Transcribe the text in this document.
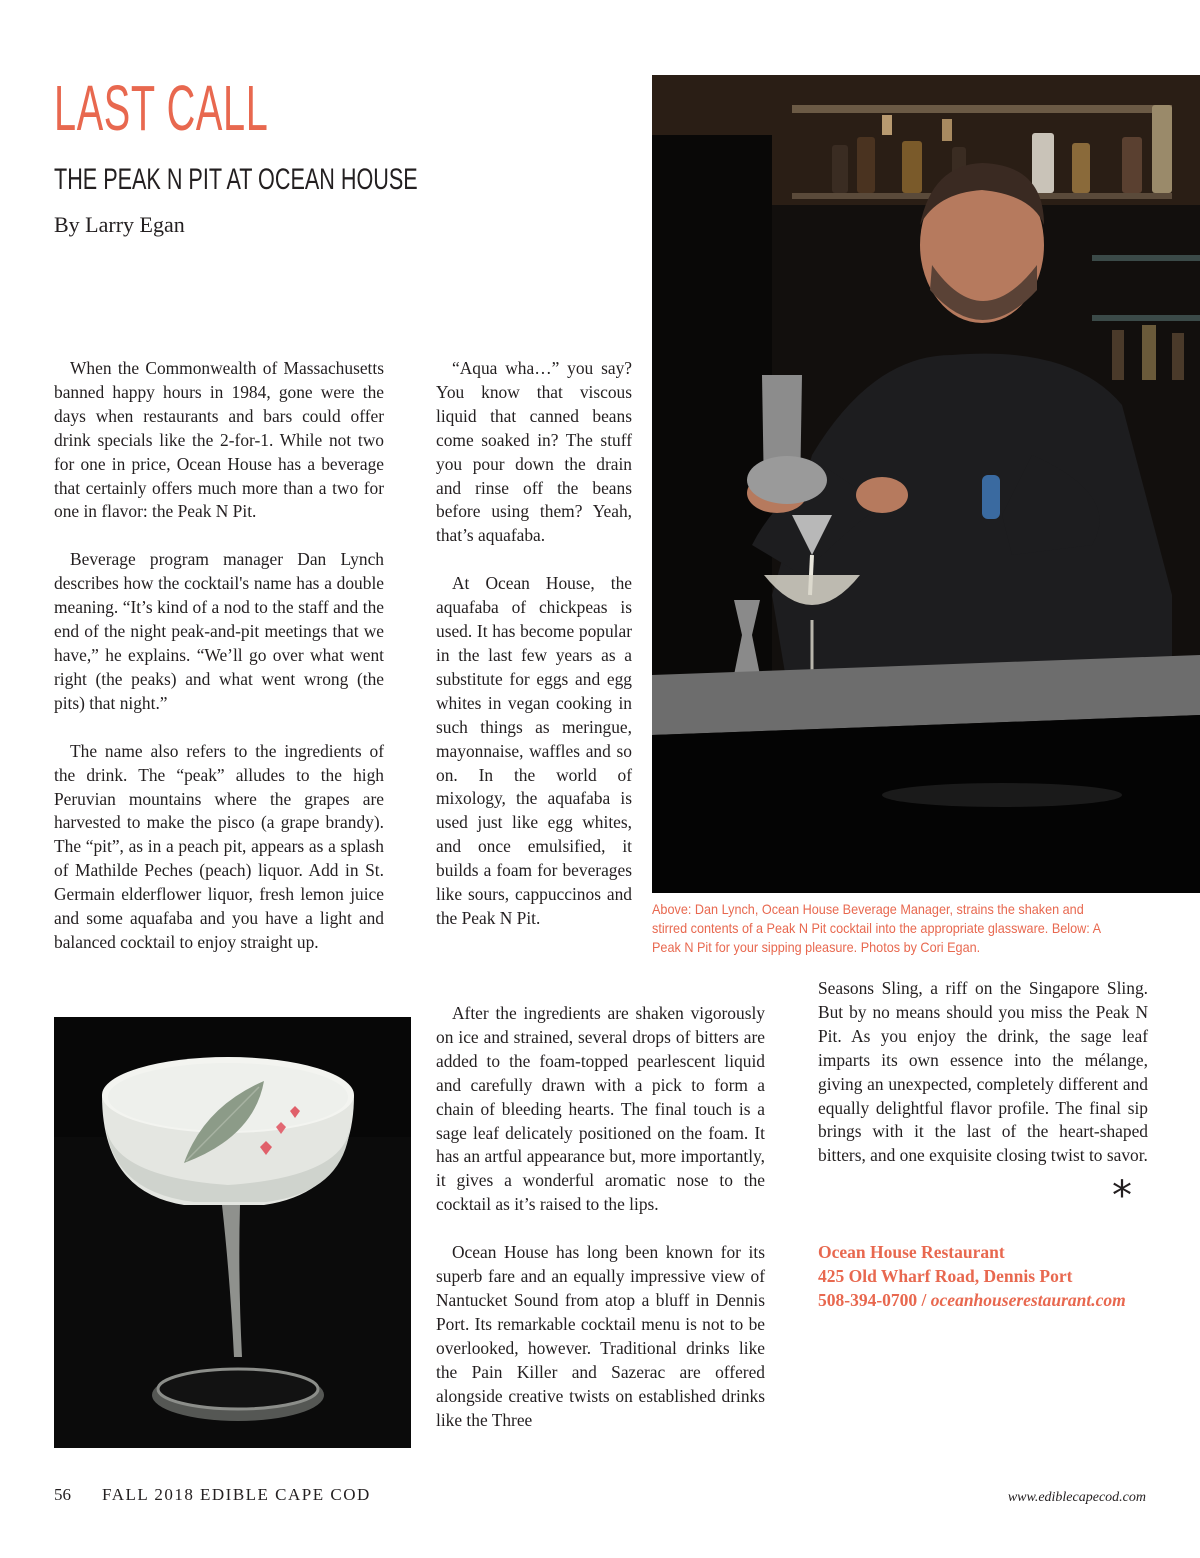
LAST CALL
THE PEAK N PIT AT OCEAN HOUSE
By Larry Egan

When the Commonwealth of Massachusetts banned happy hours in 1984, gone were the days when restaurants and bars could offer drink specials like the 2-for-1. While not two for one in price, Ocean House has a beverage that certainly offers much more than a two for one in flavor: the Peak N Pit.

Beverage program manager Dan Lynch describes how the cocktail's name has a double meaning. “It’s kind of a nod to the staff and the end of the night peak-and-pit meetings that we have,” he explains. “We’ll go over what went right (the peaks) and what went wrong (the pits) that night.”

The name also refers to the ingredients of the drink. The “peak” alludes to the high Peruvian mountains where the grapes are harvested to make the pisco (a grape brandy). The “pit”, as in a peach pit, appears as a splash of Mathilde Peches (peach) liquor. Add in St. Germain elderflower liquor, fresh lemon juice and some aquafaba and you have a light and balanced cocktail to enjoy straight up.

“Aqua wha…” you say? You know that viscous liquid that canned beans come soaked in? The stuff you pour down the drain and rinse off the beans before using them? Yeah, that’s aquafaba.

At Ocean House, the aquafaba of chickpeas is used. It has become popular in the last few years as a substitute for eggs and egg whites in vegan cooking in such things as meringue, mayonnaise, waffles and so on. In the world of mixology, the aquafaba is used just like egg whites, and once emulsified, it builds a foam for beverages like sours, cappuccinos and the Peak N Pit.

After the ingredients are shaken vigorously on ice and strained, several drops of bitters are added to the foam-topped pearlescent liquid and carefully drawn with a pick to form a chain of bleeding hearts. The final touch is a sage leaf delicately positioned on the foam. It has an artful appearance but, more importantly, it gives a wonderful aromatic nose to the cocktail as it’s raised to the lips.

Ocean House has long been known for its superb fare and an equally impressive view of Nantucket Sound from atop a bluff in Dennis Port. Its remarkable cocktail menu is not to be overlooked, however. Traditional drinks like the Pain Killer and Sazerac are offered alongside creative twists on established drinks like the Three

Seasons Sling, a riff on the Singapore Sling. But by no means should you miss the Peak N Pit. As you enjoy the drink, the sage leaf imparts its own essence into the mélange, giving an unexpected, completely different and equally delightful flavor profile. The final sip brings with it the last of the heart-shaped bitters, and one exquisite closing twist to savor.

Above: Dan Lynch, Ocean House Beverage Manager, strains the shaken and stirred contents of a Peak N Pit cocktail into the appropriate glassware. Below: A Peak N Pit for your sipping pleasure. Photos by Cori Egan.
*
Ocean House Restaurant
425 Old Wharf Road, Dennis Port
508-394-0700 / oceanhouserestaurant.com
56 FALL 2018 EDIBLE CAPE COD	www.ediblecapecod.com
